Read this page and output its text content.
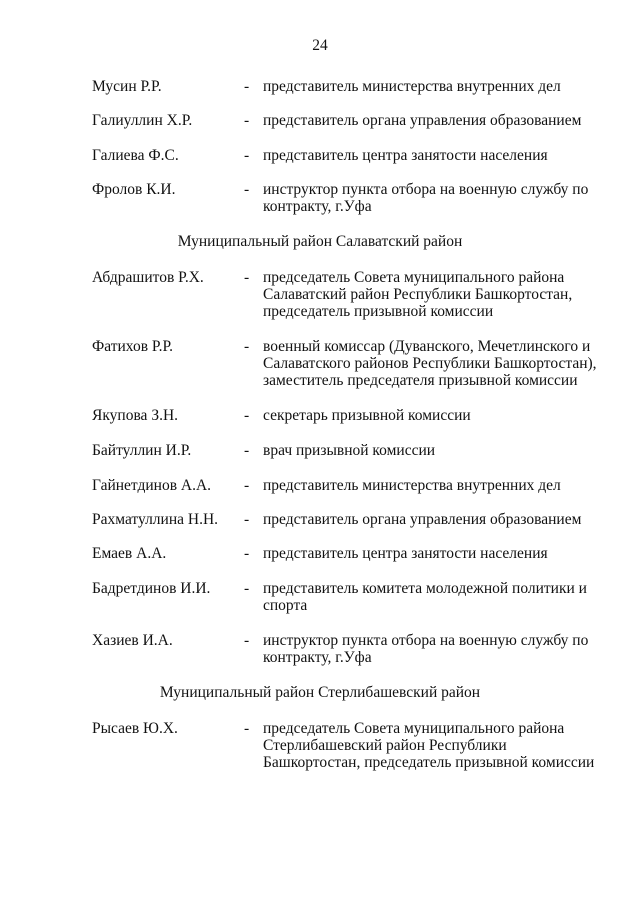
24
Мусин Р.Р.	- представитель министерства внутренних дел
Галиуллин Х.Р.	- представитель органа управления образованием
Галиева Ф.С.	- представитель центра занятости населения
Фролов К.И.	- инструктор пункта отбора на военную службу по
контракту, г.Уфа
Муниципальный район Салаватский район
Абдрашитов Р.Х.	- председатель Совета муниципального района
Салаватский район Республики Башкортостан,
председатель призывной комиссии
Фатихов Р.Р.	- военный комиссар (Дуванского, Мечетлинского и
Салаватского районов Республики Башкортостан),
заместитель председателя призывной комиссии
Якупова З.Н.	- секретарь призывной комиссии
Байтуллин И.Р.	- врач призывной комиссии
Гайнетдинов А.А. - представитель министерства внутренних дел
Рахматуллина Н.Н. - представитель органа управления образованием
Емаев А.А.	- представитель центра занятости населения
Бадретдинов И.И. - представитель комитета молодежной политики и
спорта
Хазиев И.А.	- инструктор пункта отбора на военную службу по
контракту, г.Уфа
Муниципальный район Стерлибашевский район
Рысаев Ю.Х.	- председатель Совета муниципального района
Стерлибашевский район Республики
Башкортостан, председатель призывной комиссии
